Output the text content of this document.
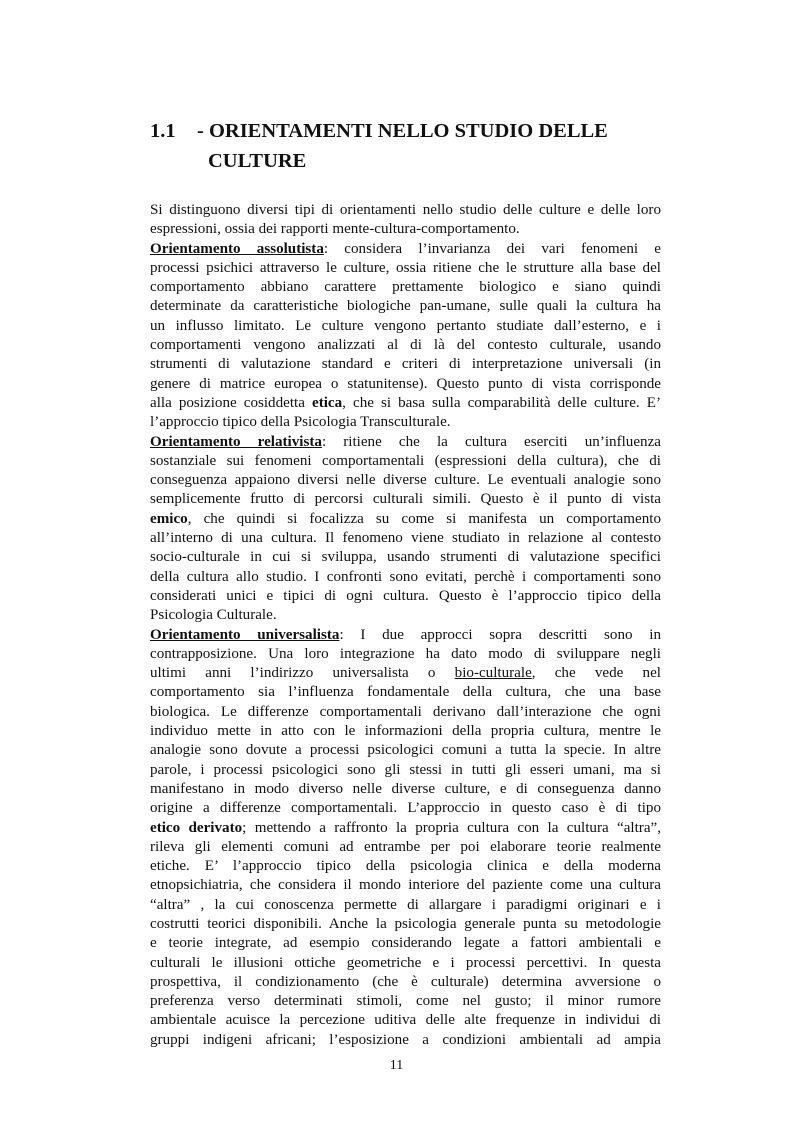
1.1 - ORIENTAMENTI NELLO STUDIO DELLE
CULTURE
Si distinguono diversi tipi di orientamenti nello studio delle culture e delle loro
espressioni, ossia dei rapporti mente-cultura-comportamento.
Orientamento assolutista: considera l’invarianza dei vari fenomeni e
processi psichici attraverso le culture, ossia ritiene che le strutture alla base del
comportamento abbiano carattere prettamente biologico e siano quindi
determinate da caratteristiche biologiche pan-umane, sulle quali la cultura ha
un influsso limitato. Le culture vengono pertanto studiate dall’esterno, e i
comportamenti vengono analizzati al di là del contesto culturale, usando
strumenti di valutazione standard e criteri di interpretazione universali (in
genere di matrice europea o statunitense). Questo punto di vista corrisponde
alla posizione cosiddetta etica, che si basa sulla comparabilità delle culture. E’
l’approccio tipico della Psicologia Transculturale.
Orientamento relativista: ritiene che la cultura eserciti un’influenza
sostanziale sui fenomeni comportamentali (espressioni della cultura), che di
conseguenza appaiono diversi nelle diverse culture. Le eventuali analogie sono
semplicemente frutto di percorsi culturali simili. Questo è il punto di vista
emico, che quindi si focalizza su come si manifesta un comportamento
all’interno di una cultura. Il fenomeno viene studiato in relazione al contesto
socio-culturale in cui si sviluppa, usando strumenti di valutazione specifici
della cultura allo studio. I confronti sono evitati, perchè i comportamenti sono
considerati unici e tipici di ogni cultura. Questo è l’approccio tipico della
Psicologia Culturale.
Orientamento universalista: I due approcci sopra descritti sono in
contrapposizione. Una loro integrazione ha dato modo di sviluppare negli
ultimi anni l’indirizzo universalista o bio-culturale, che vede nel
comportamento sia l’influenza fondamentale della cultura, che una base
biologica. Le differenze comportamentali derivano dall’interazione che ogni
individuo mette in atto con le informazioni della propria cultura, mentre le
analogie sono dovute a processi psicologici comuni a tutta la specie. In altre
parole, i processi psicologici sono gli stessi in tutti gli esseri umani, ma si
manifestano in modo diverso nelle diverse culture, e di conseguenza danno
origine a differenze comportamentali. L’approccio in questo caso è di tipo
etico derivato; mettendo a raffronto la propria cultura con la cultura “altra”,
rileva gli elementi comuni ad entrambe per poi elaborare teorie realmente
etiche. E’ l’approccio tipico della psicologia clinica e della moderna
etnopsichiatria, che considera il mondo interiore del paziente come una cultura
“altra” , la cui conoscenza permette di allargare i paradigmi originari e i
costrutti teorici disponibili. Anche la psicologia generale punta su metodologie
e teorie integrate, ad esempio considerando legate a fattori ambientali e
culturali le illusioni ottiche geometriche e i processi percettivi. In questa
prospettiva, il condizionamento (che è culturale) determina avversione o
preferenza verso determinati stimoli, come nel gusto; il minor rumore
ambientale acuisce la percezione uditiva delle alte frequenze in individui di
gruppi indigeni africani; l’esposizione a condizioni ambientali ad ampia
11
